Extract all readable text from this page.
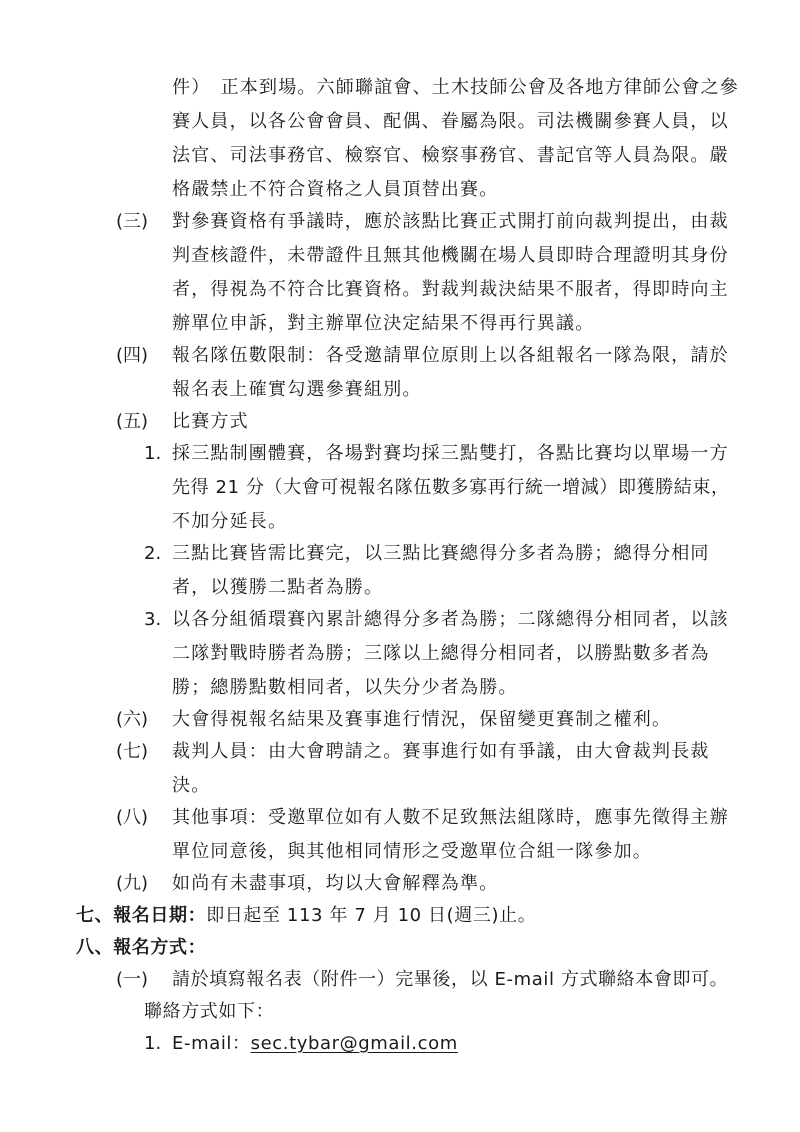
件）　正本到場。六師聯誼會、土木技師公會及各地方律師公會之參
賽人員，以各公會會員、配偶、眷屬為限。司法機關參賽人員，以
法官、司法事務官、檢察官、檢察事務官、書記官等人員為限。嚴
格嚴禁止不符合資格之人員頂替出賽。
(三) 對參賽資格有爭議時，應於該點比賽正式開打前向裁判提出，由裁
判查核證件，未帶證件且無其他機關在場人員即時合理證明其身份
者，得視為不符合比賽資格。對裁判裁決結果不服者，得即時向主
辦單位申訴，對主辦單位決定結果不得再行異議。
(四) 報名隊伍數限制：各受邀請單位原則上以各組報名一隊為限，請於
報名表上確實勾選參賽組別。
(五) 比賽方式
1. 採三點制團體賽，各場對賽均採三點雙打，各點比賽均以單場一方
先得 21 分（大會可視報名隊伍數多寡再行統一增減）即獲勝結束，
不加分延長。
2. 三點比賽皆需比賽完，以三點比賽總得分多者為勝；總得分相同
者，以獲勝二點者為勝。
3. 以各分組循環賽內累計總得分多者為勝；二隊總得分相同者，以該
二隊對戰時勝者為勝；三隊以上總得分相同者，以勝點數多者為
勝；總勝點數相同者，以失分少者為勝。
(六) 大會得視報名結果及賽事進行情況，保留變更賽制之權利。
(七) 裁判人員：由大會聘請之。賽事進行如有爭議，由大會裁判長裁
決。
(八) 其他事項：受邀單位如有人數不足致無法組隊時，應事先徵得主辦
單位同意後，與其他相同情形之受邀單位合組一隊參加。
(九) 如尚有未盡事項，均以大會解釋為準。
七、報名日期：即日起至 113 年 7 月 10 日(週三)止。
八、報名方式：
(一) 請於填寫報名表（附件一）完畢後，以 E-mail 方式聯絡本會即可。
聯絡方式如下：
1. E-mail：sec.tybar@gmail.com
